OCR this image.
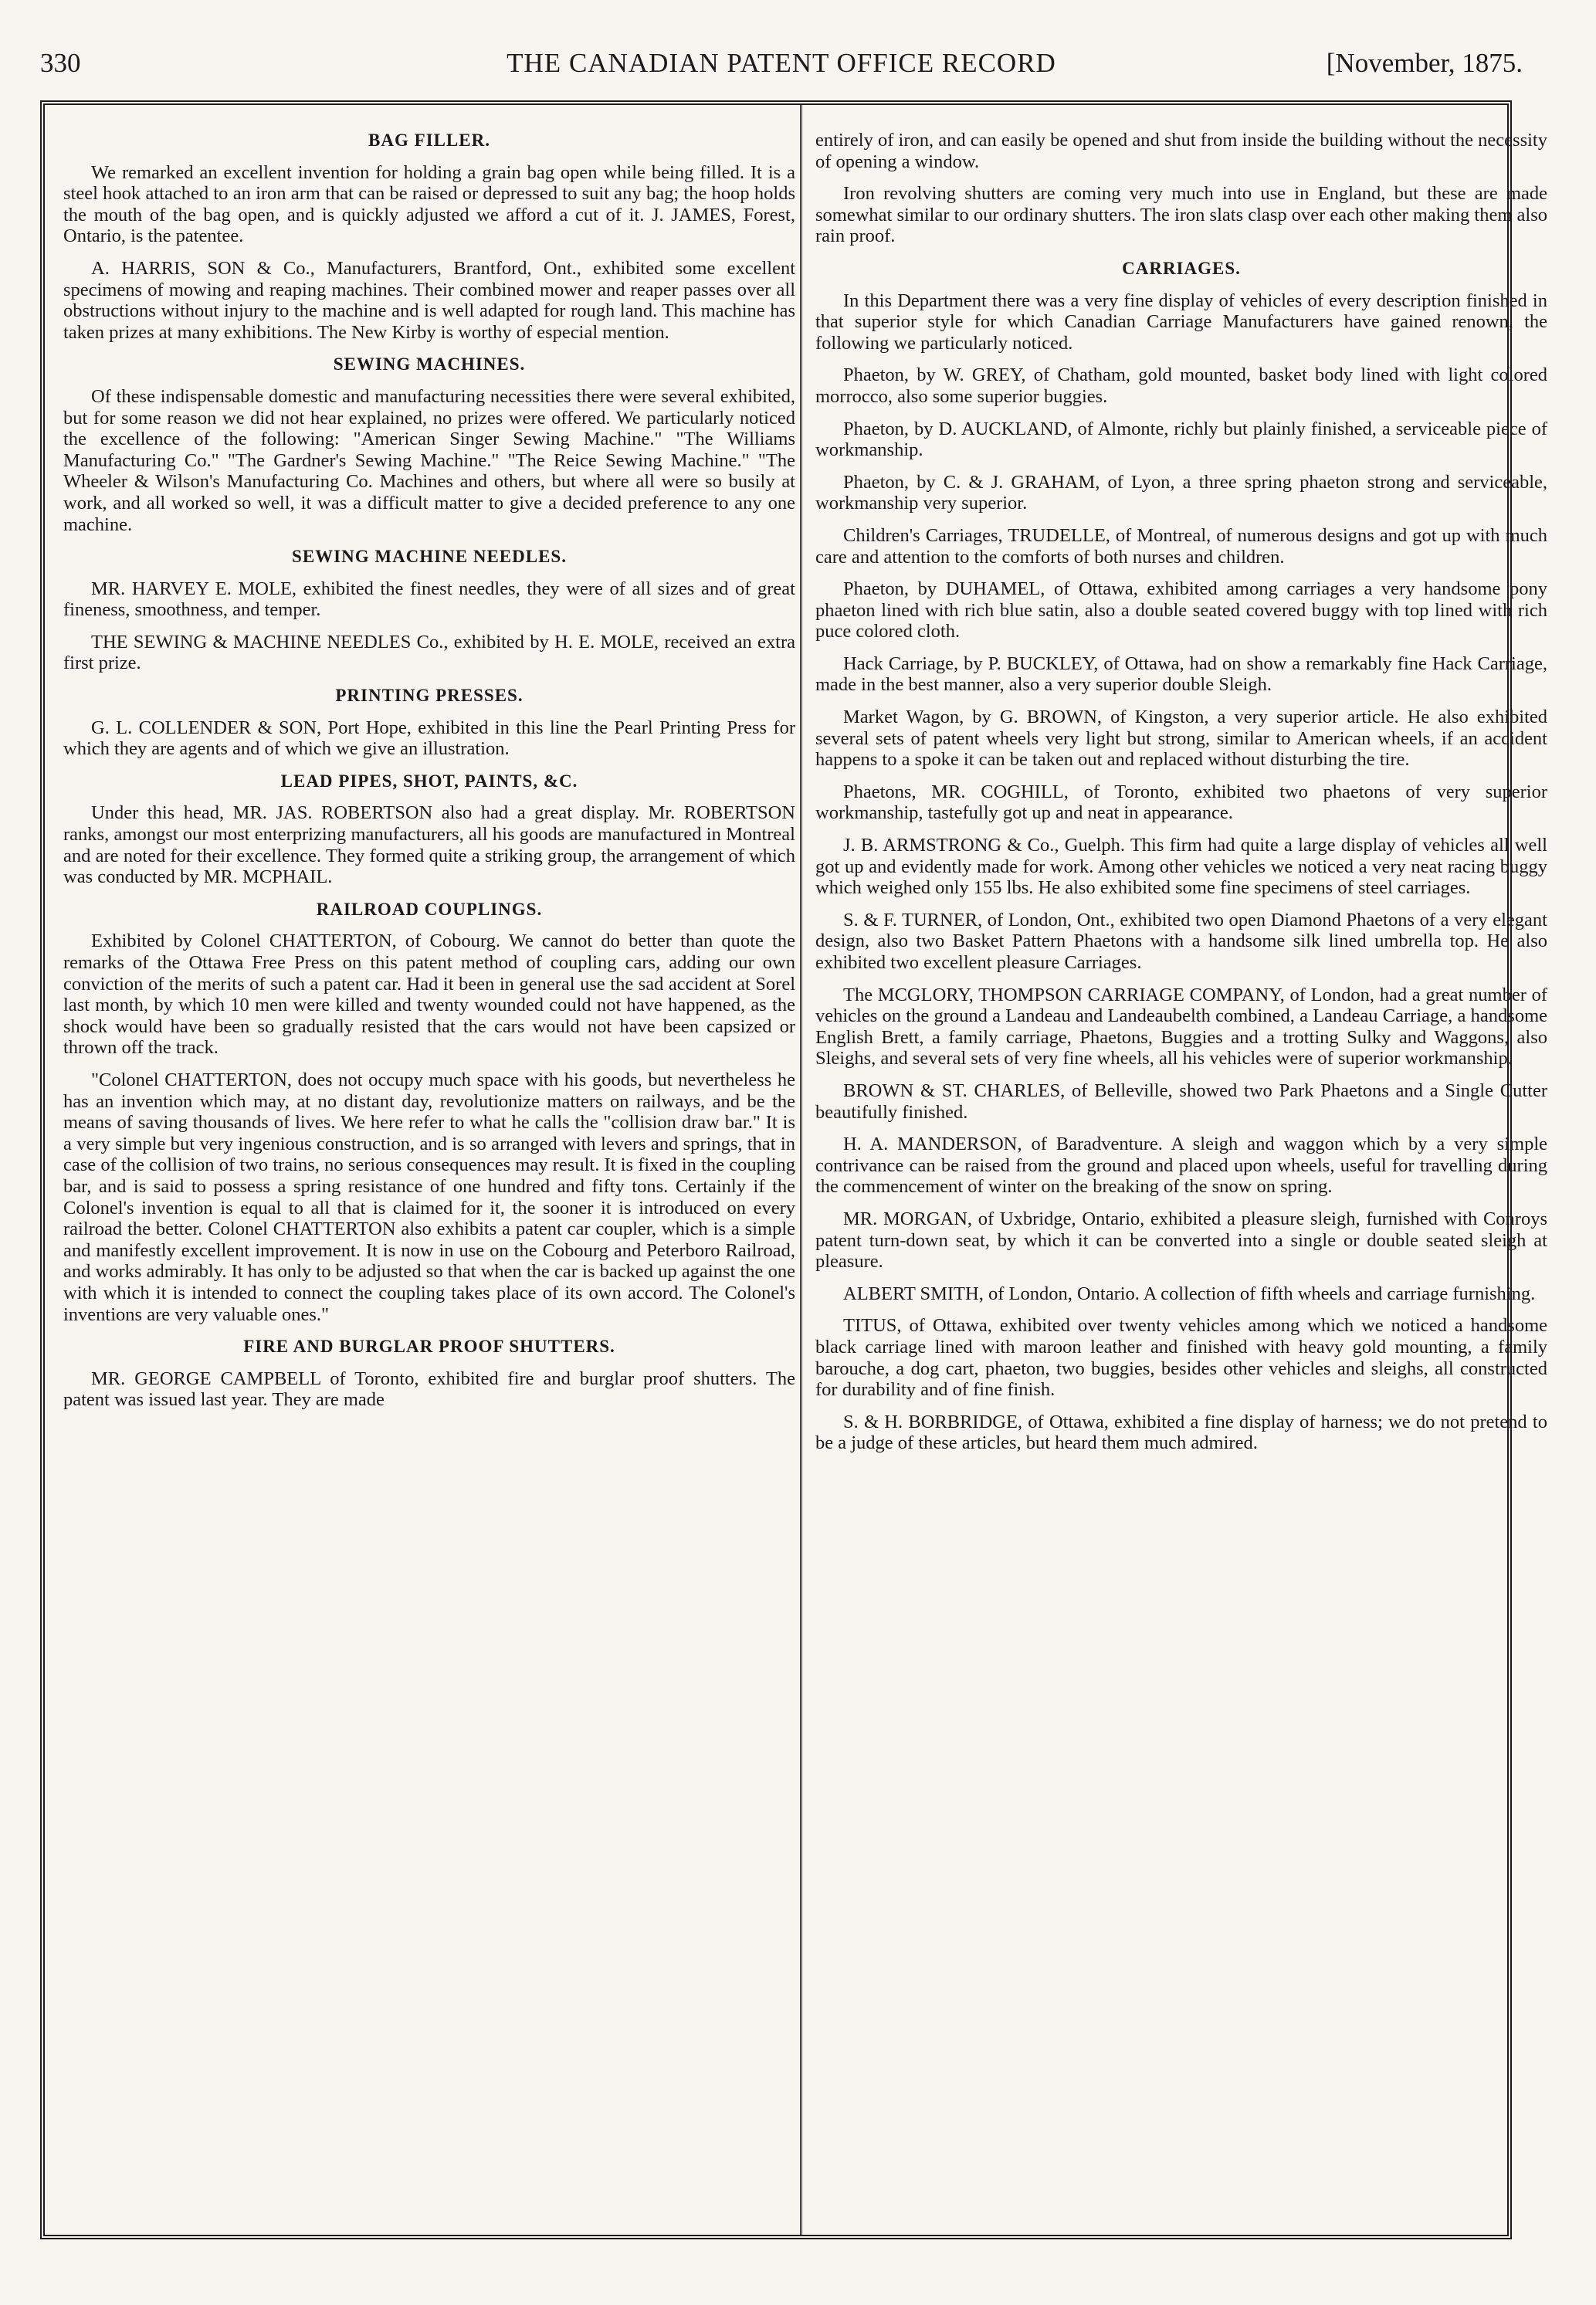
330	THE CANADIAN PATENT OFFICE RECORD	[November, 1875.
BAG FILLER.

We remarked an excellent invention for holding a grain bag open while being filled. It is a steel hook attached to an iron arm that can be raised or depressed to suit any bag; the hoop holds the mouth of the bag open, and is quickly adjusted we afford a cut of it. J. JAMES, Forest, Ontario, is the patentee.

A. HARRIS, SON & Co., Manufacturers, Brantford, Ont., exhibited some excellent specimens of mowing and reaping machines. Their combined mower and reaper passes over all obstructions without injury to the machine and is well adapted for rough land. This machine has taken prizes at many exhibitions. The New Kirby is worthy of especial mention.

SEWING MACHINES.

Of these indispensable domestic and manufacturing necessities there were several exhibited, but for some reason we did not hear explained, no prizes were offered. We particularly noticed the excellence of the following: "American Singer Sewing Machine." "The Williams Manufacturing Co." "The Gardner's Sewing Machine." "The Reice Sewing Machine." "The Wheeler & Wilson's Manufacturing Co. Machines and others, but where all were so busily at work, and all worked so well, it was a difficult matter to give a decided preference to any one machine.

SEWING MACHINE NEEDLES.

MR. HARVEY E. MOLE, exhibited the finest needles, they were of all sizes and of great fineness, smoothness, and temper.

THE SEWING & MACHINE NEEDLES Co., exhibited by H. E. MOLE, received an extra first prize.

PRINTING PRESSES.

G. L. COLLENDER & SON, Port Hope, exhibited in this line the Pearl Printing Press for which they are agents and of which we give an illustration.

LEAD PIPES, SHOT, PAINTS, &C.

Under this head, MR. JAS. ROBERTSON also had a great display. Mr. ROBERTSON ranks, amongst our most enterprizing manufacturers, all his goods are manufactured in Montreal and are noted for their excellence. They formed quite a striking group, the arrangement of which was conducted by MR. MCPHAIL.

RAILROAD COUPLINGS.

Exhibited by Colonel CHATTERTON, of Cobourg. We cannot do better than quote the remarks of the Ottawa Free Press on this patent method of coupling cars, adding our own conviction of the merits of such a patent car. Had it been in general use the sad accident at Sorel last month, by which 10 men were killed and twenty wounded could not have happened, as the shock would have been so gradually resisted that the cars would not have been capsized or thrown off the track.

"Colonel CHATTERTON, does not occupy much space with his goods, but nevertheless he has an invention which may, at no distant day, revolutionize matters on railways, and be the means of saving thousands of lives. We here refer to what he calls the "collision draw bar." It is a very simple but very ingenious construction, and is so arranged with levers and springs, that in case of the collision of two trains, no serious consequences may result. It is fixed in the coupling bar, and is said to possess a spring resistance of one hundred and fifty tons. Certainly if the Colonel's invention is equal to all that is claimed for it, the sooner it is introduced on every railroad the better. Colonel CHATTERTON also exhibits a patent car coupler, which is a simple and manifestly excellent improvement. It is now in use on the Cobourg and Peterboro Railroad, and works admirably. It has only to be adjusted so that when the car is backed up against the one with which it is intended to connect the coupling takes place of its own accord. The Colonel's inventions are very valuable ones."

FIRE AND BURGLAR PROOF SHUTTERS.

MR. GEORGE CAMPBELL of Toronto, exhibited fire and burglar proof shutters. The patent was issued last year. They are made

entirely of iron, and can easily be opened and shut from inside the building without the necessity of opening a window.

Iron revolving shutters are coming very much into use in England, but these are made somewhat similar to our ordinary shutters. The iron slats clasp over each other making them also rain proof.

CARRIAGES.

In this Department there was a very fine display of vehicles of every description finished in that superior style for which Canadian Carriage Manufacturers have gained renown, the following we particularly noticed.

Phaeton, by W. GREY, of Chatham, gold mounted, basket body lined with light colored morrocco, also some superior buggies.

Phaeton, by D. AUCKLAND, of Almonte, richly but plainly finished, a serviceable piece of workmanship.

Phaeton, by C. & J. GRAHAM, of Lyon, a three spring phaeton strong and serviceable, workmanship very superior.

Children's Carriages, TRUDELLE, of Montreal, of numerous designs and got up with much care and attention to the comforts of both nurses and children.

Phaeton, by DUHAMEL, of Ottawa, exhibited among carriages a very handsome pony phaeton lined with rich blue satin, also a double seated covered buggy with top lined with rich puce colored cloth.

Hack Carriage, by P. BUCKLEY, of Ottawa, had on show a remarkably fine Hack Carriage, made in the best manner, also a very superior double Sleigh.

Market Wagon, by G. BROWN, of Kingston, a very superior article. He also exhibited several sets of patent wheels very light but strong, similar to American wheels, if an accident happens to a spoke it can be taken out and replaced without disturbing the tire.

Phaetons, MR. COGHILL, of Toronto, exhibited two phaetons of very superior workmanship, tastefully got up and neat in appearance.

J. B. ARMSTRONG & Co., Guelph. This firm had quite a large display of vehicles all well got up and evidently made for work. Among other vehicles we noticed a very neat racing buggy which weighed only 155 lbs. He also exhibited some fine specimens of steel carriages.

S. & F. TURNER, of London, Ont., exhibited two open Diamond Phaetons of a very elegant design, also two Basket Pattern Phaetons with a handsome silk lined umbrella top. He also exhibited two excellent pleasure Carriages.

The MCGLORY, THOMPSON CARRIAGE COMPANY, of London, had a great number of vehicles on the ground a Landeau and Landeaubelth combined, a Landeau Carriage, a handsome English Brett, a family carriage, Phaetons, Buggies and a trotting Sulky and Waggons, also Sleighs, and several sets of very fine wheels, all his vehicles were of superior workmanship.

BROWN & ST. CHARLES, of Belleville, showed two Park Phaetons and a Single Cutter beautifully finished.

H. A. MANDERSON, of Baradventure. A sleigh and waggon which by a very simple contrivance can be raised from the ground and placed upon wheels, useful for travelling during the commencement of winter on the breaking of the snow on spring.

MR. MORGAN, of Uxbridge, Ontario, exhibited a pleasure sleigh, furnished with Conroys patent turn-down seat, by which it can be converted into a single or double seated sleigh at pleasure.

ALBERT SMITH, of London, Ontario. A collection of fifth wheels and carriage furnishing.

TITUS, of Ottawa, exhibited over twenty vehicles among which we noticed a handsome black carriage lined with maroon leather and finished with heavy gold mounting, a family barouche, a dog cart, phaeton, two buggies, besides other vehicles and sleighs, all constructed for durability and of fine finish.

S. & H. BORBRIDGE, of Ottawa, exhibited a fine display of harness; we do not pretend to be a judge of these articles, but heard them much admired.
